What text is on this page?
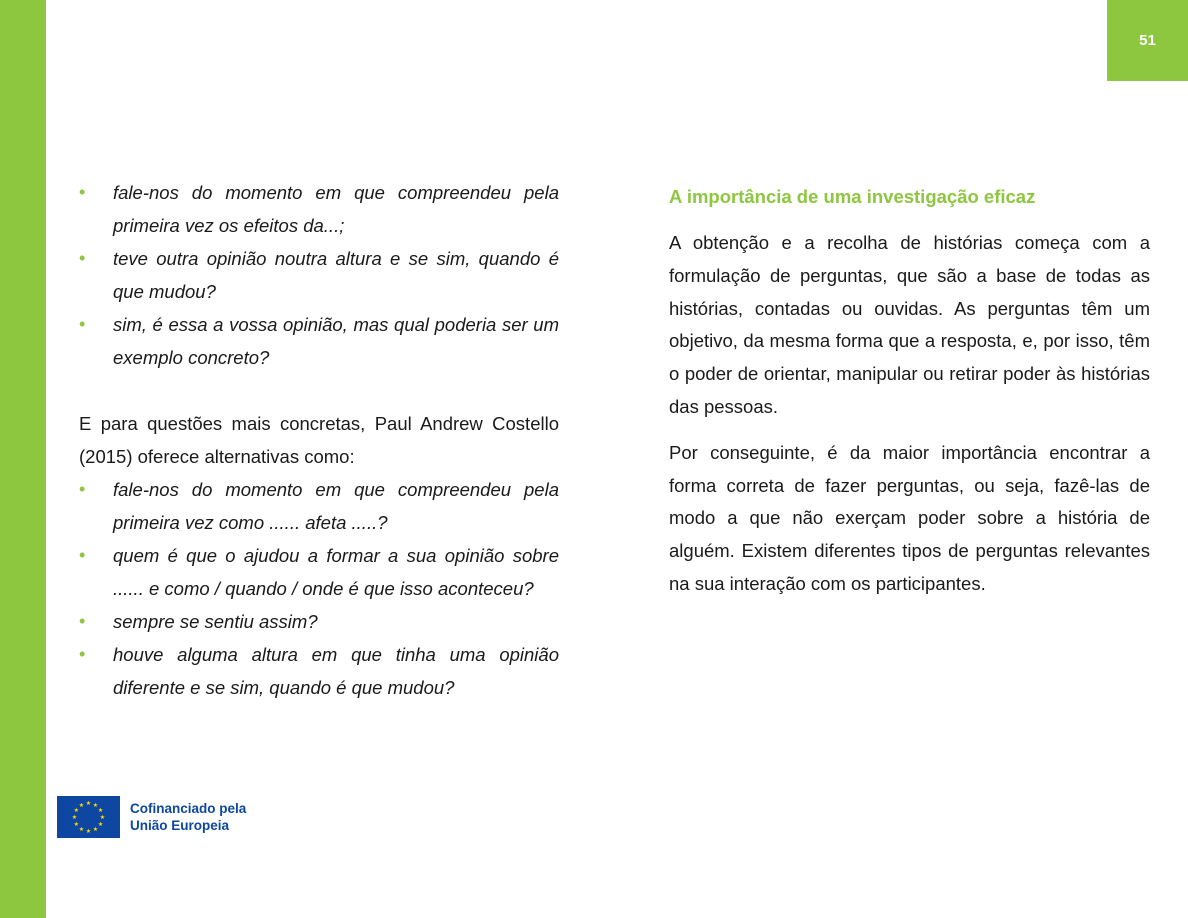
51
• fale-nos do momento em que compreendeu pela primeira vez os efeitos da...;
• teve outra opinião noutra altura e se sim, quando é que mudou?
• sim, é essa a vossa opinião, mas qual poderia ser um exemplo concreto?

E para questões mais concretas, Paul Andrew Costello (2015) oferece alternativas como:

• fale-nos do momento em que compreendeu pela primeira vez como ...... afeta .....?
• quem é que o ajudou a formar a sua opinião sobre ...... e como / quando / onde é que isso aconteceu?
• sempre se sentiu assim?
• houve alguma altura em que tinha uma opinião diferente e se sim, quando é que mudou?
A importância de uma investigação eficaz

A obtenção e a recolha de histórias começa com a formulação de perguntas, que são a base de todas as histórias, contadas ou ouvidas. As perguntas têm um objetivo, da mesma forma que a resposta, e, por isso, têm o poder de orientar, manipular ou retirar poder às histórias das pessoas.

Por conseguinte, é da maior importância encontrar a forma correta de fazer perguntas, ou seja, fazê-las de modo a que não exerçam poder sobre a história de alguém. Existem diferentes tipos de perguntas relevantes na sua interação com os participantes.

★ ★
★
★
★
★
★
★
★
★
★
★	Cofinanciado pela
União Europeia
